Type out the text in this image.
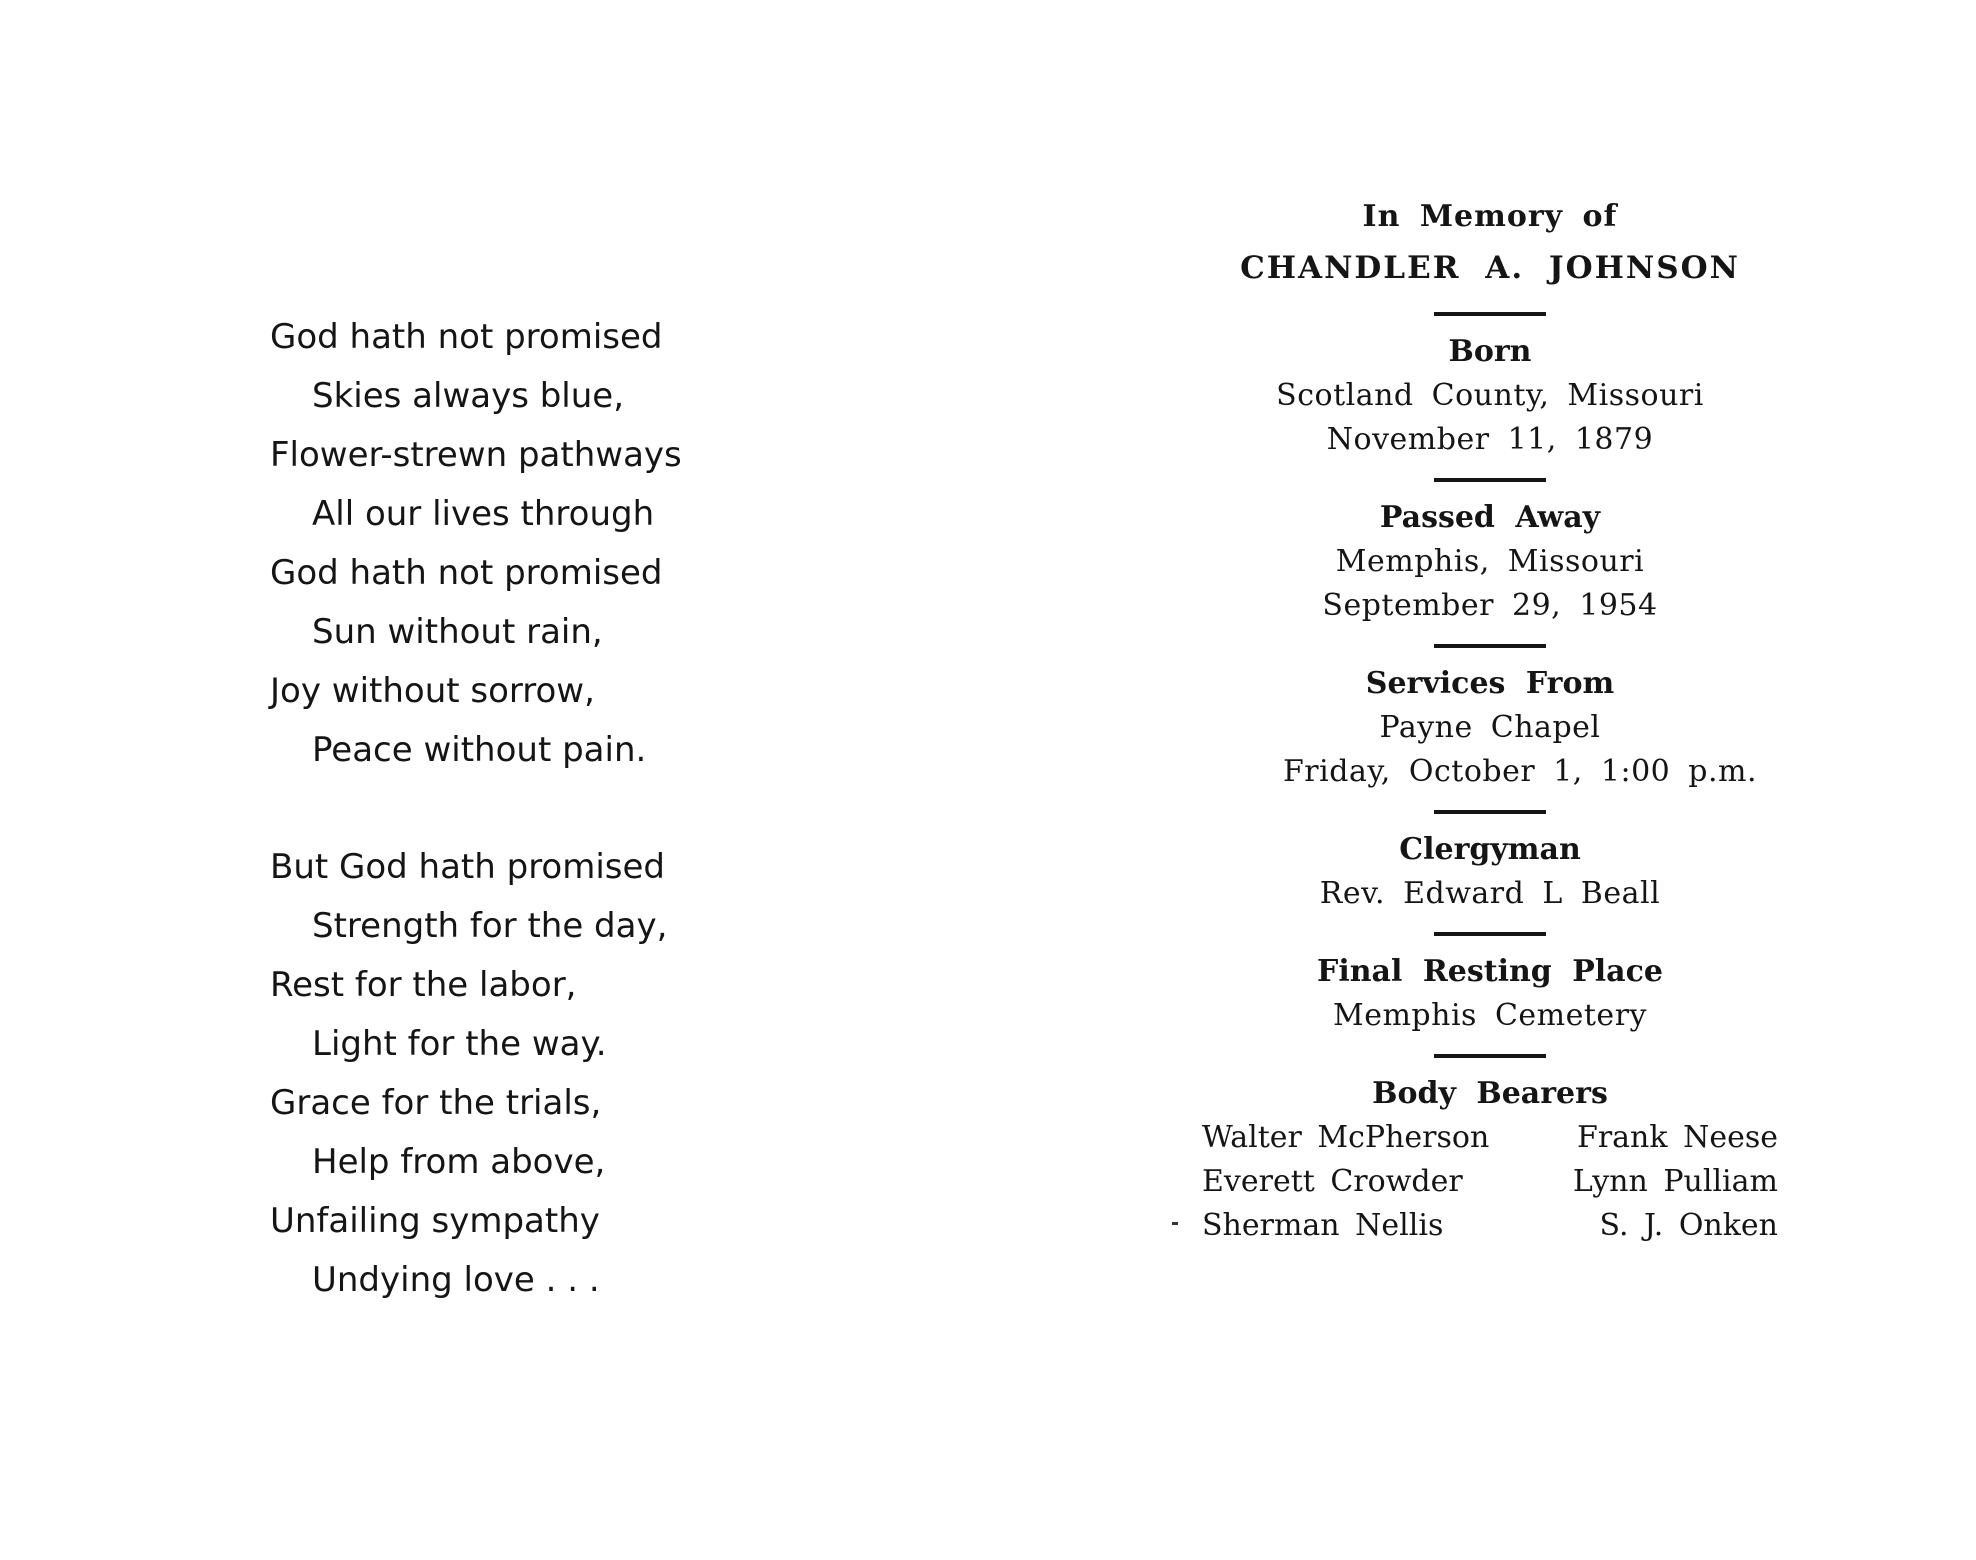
God hath not promised
Skies always blue,
Flower-strewn pathways
All our lives through
God hath not promised
Sun without rain,
Joy without sorrow,
Peace without pain.
But God hath promised
Strength for the day,
Rest for the labor,
Light for the way.
Grace for the trials,
Help from above,
Unfailing sympathy
Undying love . . .
In Memory of
CHANDLER A. JOHNSON
Born
Scotland County, Missouri
November 11, 1879
Passed Away
Memphis, Missouri
September 29, 1954
Services From
Payne Chapel
Friday, October 1, 1:00 p.m.
Clergyman
Rev. Edward L Beall
Final Resting Place
Memphis Cemetery
Body Bearers
Walter McPherson	Frank Neese
Everett Crowder	Lynn Pulliam
Sherman Nellis	S. J. Onken
